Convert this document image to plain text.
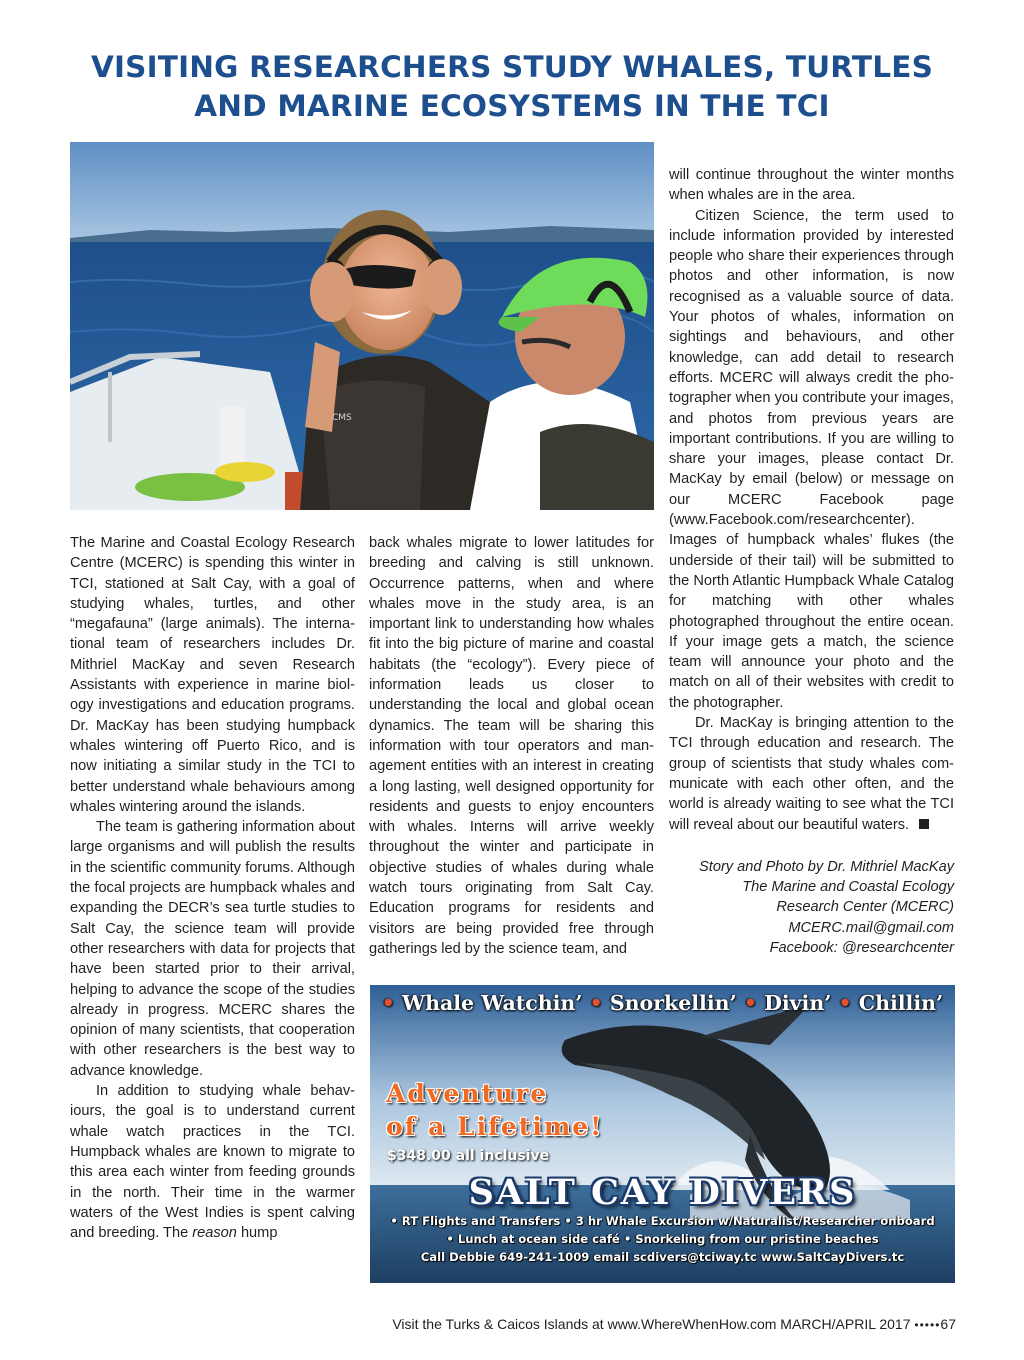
VISITING RESEARCHERS STUDY WHALES, TURTLES
AND MARINE ECOSYSTEMS IN THE TCI
CMS

The Marine and Coastal Ecology Research Centre (MCERC) is spending this winter in TCI, stationed at Salt Cay, with a goal of studying whales, turtles, and other “megafauna” (large animals). The international team of researchers includes Dr. Mithriel MacKay and seven Research Assistants with experience in marine biology investigations and education programs. Dr. MacKay has been studying humpback whales wintering off Puerto Rico, and is now initiating a similar study in the TCI to better understand whale behaviours among whales wintering around the islands.

The team is gathering information about large organisms and will publish the results in the scientific community forums. Although the focal projects are humpback whales and expanding the DECR’s sea turtle studies to Salt Cay, the science team will provide other researchers with data for projects that have been started prior to their arrival, helping to advance the scope of the studies already in progress. MCERC shares the opinion of many scientists, that cooperation with other researchers is the best way to advance knowledge.

In addition to studying whale behaviours, the goal is to understand current whale watch practices in the TCI. Humpback whales are known to migrate to this area each winter from feeding grounds in the north. Their time in the warmer waters of the West Indies is spent calving and breeding. The reason hump

back whales migrate to lower latitudes for breeding and calving is still unknown. Occurrence patterns, when and where whales move in the study area, is an important link to understanding how whales fit into the big picture of marine and coastal habitats (the “ecology”). Every piece of information leads us closer to understanding the local and global ocean dynamics. The team will be sharing this information with tour operators and management entities with an interest in creating a long lasting, well designed opportunity for residents and guests to enjoy encounters with whales. Interns will arrive weekly throughout the winter and participate in objective studies of whales during whale watch tours originating from Salt Cay. Education programs for residents and visitors are being provided free through gatherings led by the science team, and

will continue throughout the winter months when whales are in the area.

Citizen Science, the term used to include information provided by interested people who share their experiences through photos and other information, is now recognised as a valuable source of data. Your photos of whales, information on sightings and behaviours, and other knowledge, can add detail to research efforts. MCERC will always credit the photographer when you contribute your images, and photos from previous years are important contributions. If you are willing to share your images, please contact Dr. MacKay by email (below) or message on our MCERC Facebook page (www.Facebook.com/researchcenter). Images of humpback whales’ flukes (the underside of their tail) will be submitted to the North Atlantic Humpback Whale Catalog for matching with other whales photographed throughout the entire ocean. If your image gets a match, the science team will announce your photo and the match on all of their websites with credit to the photographer.

Dr. MacKay is bringing attention to the TCI through education and research. The group of scientists that study whales communicate with each other often, and the world is already waiting to see what the TCI will reveal about our beautiful waters.

Story and Photo by Dr. Mithriel MacKay
The Marine and Coastal Ecology
Research Center (MCERC)
MCERC.mail@gmail.com
Facebook: @researchcenter

• Whale Watchin’ • Snorkellin’ • Divin’ • Chillin’
Adventure
of a Lifetime!
$348.00 all inclusive
SALT CAY DIVERS
• RT Flights and Transfers • 3 hr Whale Excursion w/Naturalist/Researcher onboard
• Lunch at ocean side café • Snorkeling from our pristine beaches
Call Debbie 649-241-1009 email scdivers@tciway.tc www.SaltCayDivers.tc
Visit the Turks & Caicos Islands at www.WhereWhenHow.com MARCH/APRIL 2017 •••••67
